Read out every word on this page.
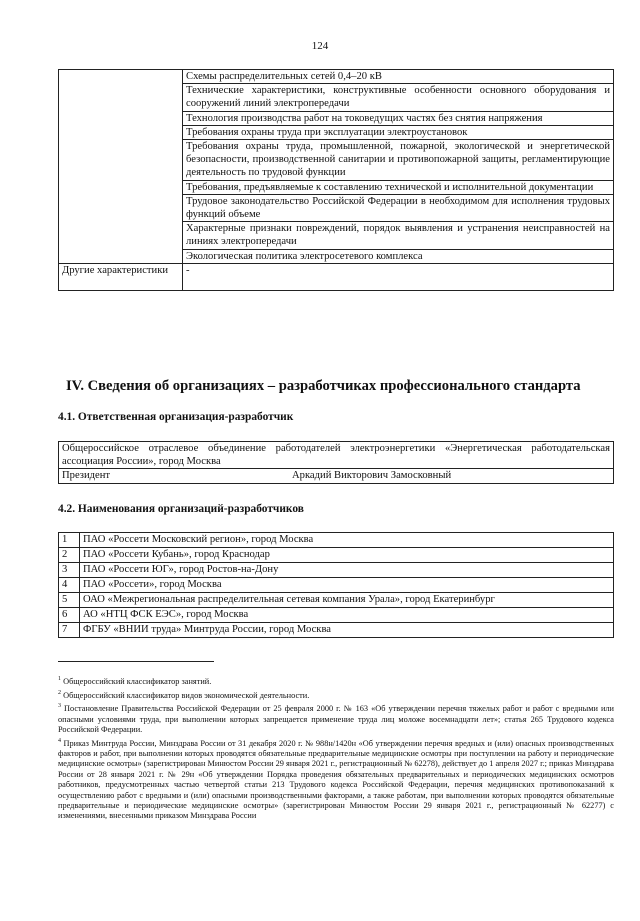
124
	Схемы распределительных сетей 0,4–20 кВ
	Технические характеристики, конструктивные особенности основного оборудования и сооружений линий электропередачи
	Технология производства работ на токоведущих частях без снятия напряжения
	Требования охраны труда при эксплуатации электроустановок
	Требования охраны труда, промышленной, пожарной, экологической и энергетической безопасности, производственной санитарии и противопожарной защиты, регламентирующие деятельность по трудовой функции
	Требования, предъявляемые к составлению технической и исполнительной документации
	Трудовое законодательство Российской Федерации в необходимом для исполнения трудовых функций объеме
	Характерные признаки повреждений, порядок выявления и устранения неисправностей на линиях электропередачи
	Экологическая политика электросетевого комплекса
Другие характеристики	-
IV. Сведения об организациях – разработчиках профессионального стандарта
4.1. Ответственная организация-разработчик
Общероссийское отраслевое объединение работодателей электроэнергетики «Энергетическая работодательская ассоциация России», город Москва

Президент	Аркадий Викторович Замосковный
4.2. Наименования организаций-разработчиков
1	ПАО «Россети Московский регион», город Москва
2	ПАО «Россети Кубань», город Краснодар
3	ПАО «Россети ЮГ», город Ростов-на-Дону
4	ПАО «Россети», город Москва
5	ОАО «Межрегиональная распределительная сетевая компания Урала», город Екатеринбург
6	АО «НТЦ ФСК ЕЭС», город Москва
7	ФГБУ «ВНИИ труда» Минтруда России, город Москва

$^1$ Общероссийский классификатор занятий.

$^2$ Общероссийский классификатор видов экономической деятельности.

$^3$ Постановление Правительства Российской Федерации от 25 февраля 2000 г. № 163 «Об утверждении перечня тяжелых работ и работ с вредными или опасными условиями труда, при выполнении которых запрещается применение труда лиц моложе восемнадцати лет»; статья 265 Трудового кодекса Российской Федерации.

$^4$ Приказ Минтруда России, Минздрава России от 31 декабря 2020 г. № 988н/1420н «Об утверждении перечня вредных и (или) опасных производственных факторов и работ, при выполнении которых проводятся обязательные предварительные медицинские осмотры при поступлении на работу и периодические медицинские осмотры» (зарегистрирован Минюстом России 29 января 2021 г., регистрационный № 62278), действует до 1 апреля 2027 г.; приказ Минздрава России от 28 января 2021 г. № 29н «Об утверждении Порядка проведения обязательных предварительных и периодических медицинских осмотров работников, предусмотренных частью четвертой статьи 213 Трудового кодекса Российской Федерации, перечня медицинских противопоказаний к осуществлению работ с вредными и (или) опасными производственными факторами, а также работам, при выполнении которых проводятся обязательные предварительные и периодические медицинские осмотры» (зарегистрирован Минюстом России 29 января 2021 г., регистрационный № 62277) с изменениями, внесенными приказом Минздрава России
